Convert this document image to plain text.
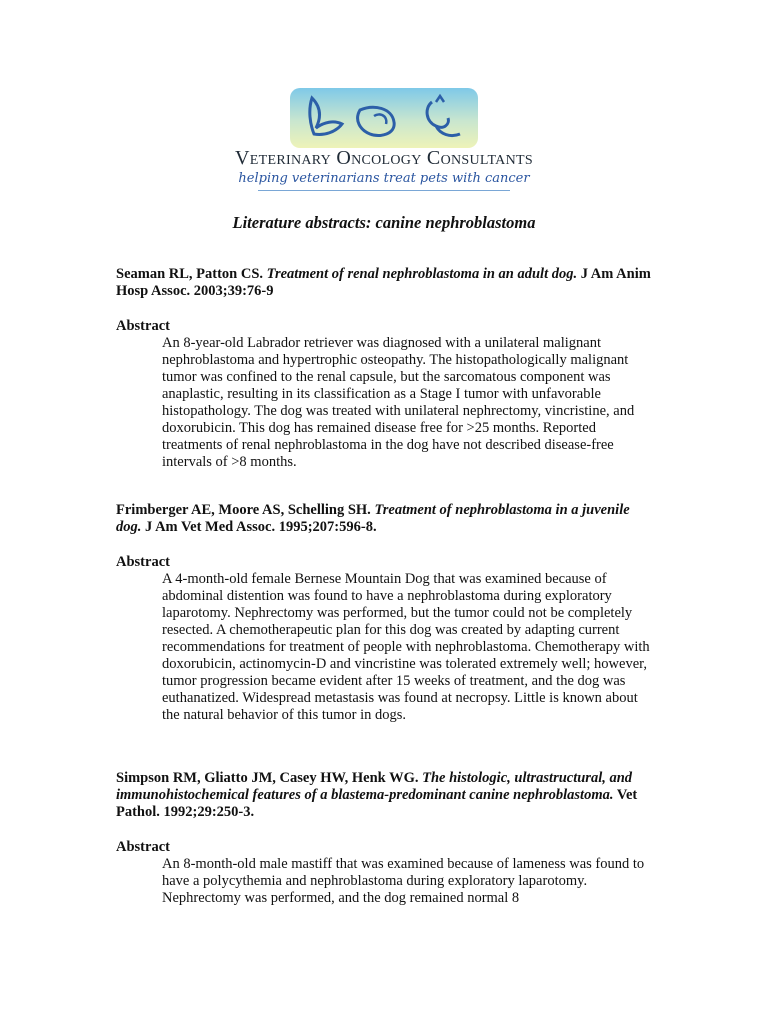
Veterinary Oncology Consultants
helping veterinarians treat pets with cancer
Literature abstracts: canine nephroblastoma

Seaman RL, Patton CS. Treatment of renal nephroblastoma in an adult dog. J Am Anim Hosp Assoc. 2003;39:76-9

Abstract

An 8-year-old Labrador retriever was diagnosed with a unilateral malignant nephroblastoma and hypertrophic osteopathy. The histopathologically malignant tumor was confined to the renal capsule, but the sarcomatous component was anaplastic, resulting in its classification as a Stage I tumor with unfavorable histopathology. The dog was treated with unilateral nephrectomy, vincristine, and doxorubicin. This dog has remained disease free for >25 months. Reported treatments of renal nephroblastoma in the dog have not described disease-free intervals of >8 months.

Frimberger AE, Moore AS, Schelling SH. Treatment of nephroblastoma in a juvenile dog. J Am Vet Med Assoc. 1995;207:596-8.

Abstract

A 4-month-old female Bernese Mountain Dog that was examined because of abdominal distention was found to have a nephroblastoma during exploratory laparotomy. Nephrectomy was performed, but the tumor could not be completely resected. A chemotherapeutic plan for this dog was created by adapting current recommendations for treatment of people with nephroblastoma. Chemotherapy with doxorubicin, actinomycin-D and vincristine was tolerated extremely well; however, tumor progression became evident after 15 weeks of treatment, and the dog was euthanatized. Widespread metastasis was found at necropsy. Little is known about the natural behavior of this tumor in dogs.

Simpson RM, Gliatto JM, Casey HW, Henk WG. The histologic, ultrastructural, and immunohistochemical features of a blastema-predominant canine nephroblastoma. Vet Pathol. 1992;29:250-3.

Abstract

An 8-month-old male mastiff that was examined because of lameness was found to have a polycythemia and nephroblastoma during exploratory laparotomy. Nephrectomy was performed, and the dog remained normal 8
